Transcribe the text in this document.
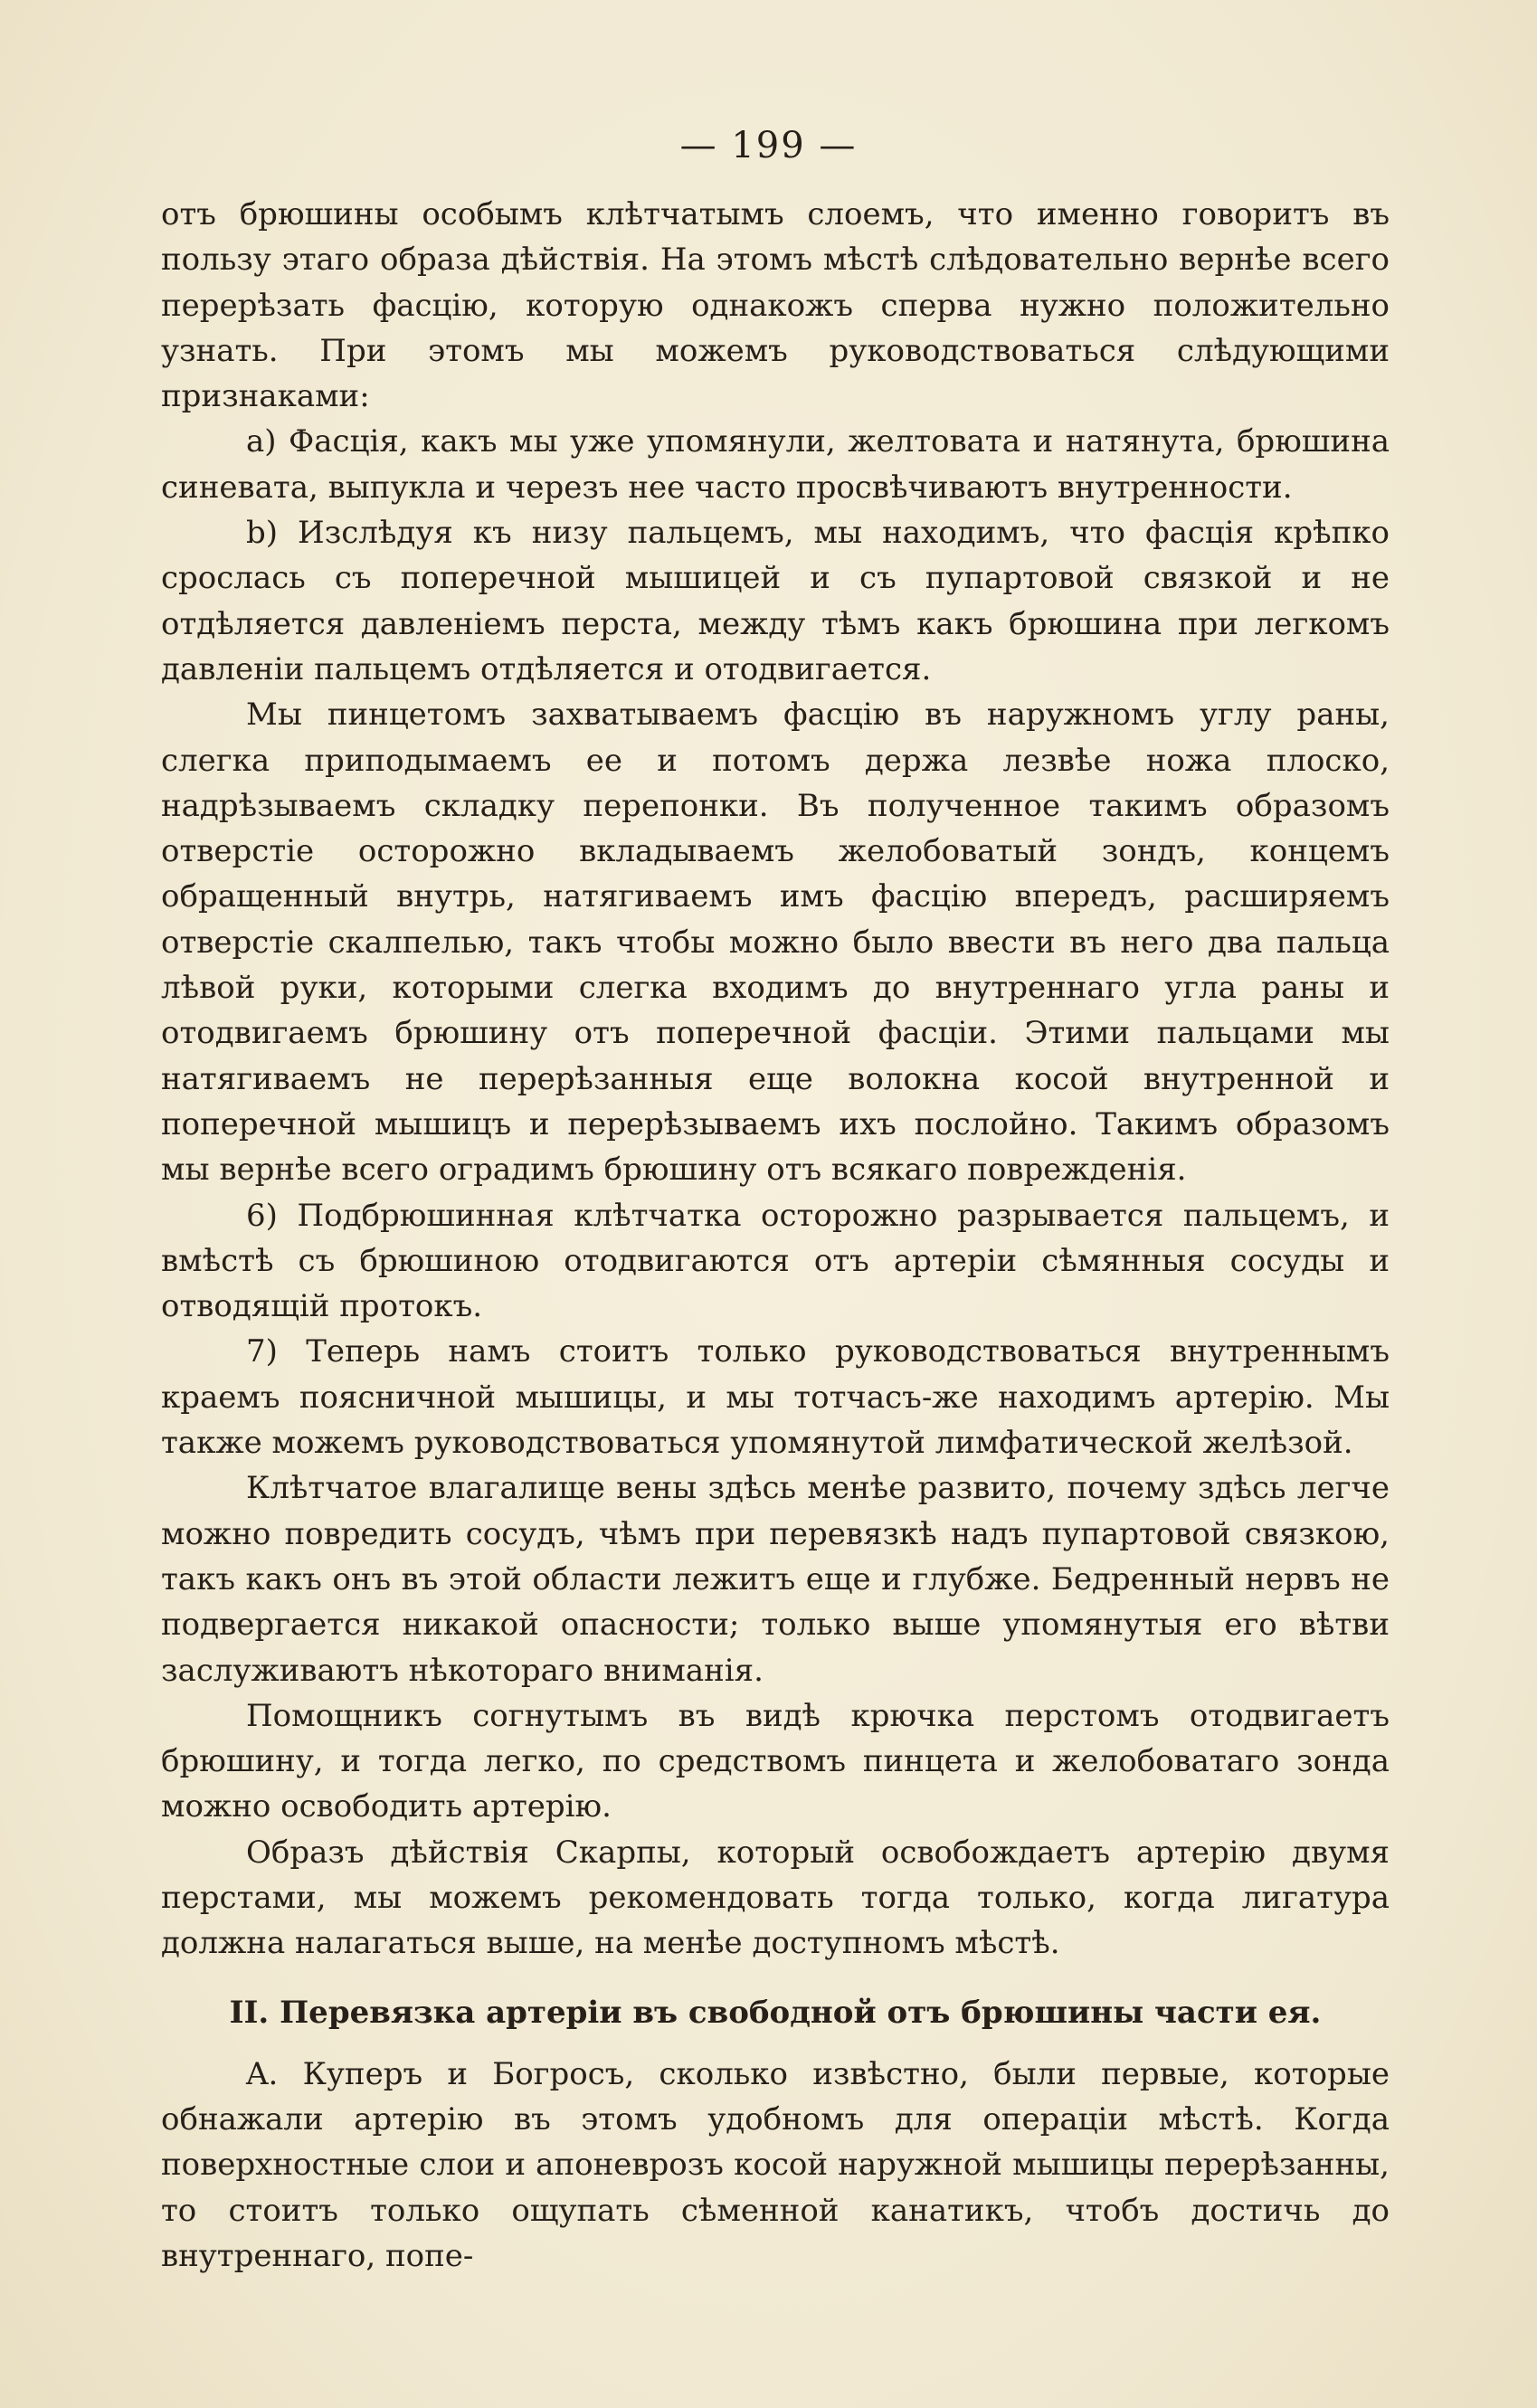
— 199 —

отъ брюшины особымъ клѣтчатымъ слоемъ, что именно говоритъ въ пользу этаго образа дѣйствія. На этомъ мѣстѣ слѣдовательно вернѣе всего перерѣзать фасцію, которую однакожъ сперва нужно положительно узнать. При этомъ мы можемъ руководствоваться слѣдующими признаками:

a) Фасція, какъ мы уже упомянули, желтовата и натянута, брюшина синевата, выпукла и черезъ нее часто просвѣчиваютъ внутренности.

b) Изслѣдуя къ низу пальцемъ, мы находимъ, что фасція крѣпко срослась съ поперечной мышицей и съ пупартовой связкой и не отдѣляется давленіемъ перста, между тѣмъ какъ брюшина при легкомъ давленіи пальцемъ отдѣляется и отодвигается.

Мы пинцетомъ захватываемъ фасцію въ наружномъ углу раны, слегка приподымаемъ ее и потомъ держа лезвѣе ножа плоско, надрѣзываемъ складку перепонки. Въ полученное такимъ образомъ отверстіе осторожно вкладываемъ желобоватый зондъ, концемъ обращенный внутрь, натягиваемъ имъ фасцію впередъ, расширяемъ отверстіе скалпелью, такъ чтобы можно было ввести въ него два пальца лѣвой руки, которыми слегка входимъ до внутреннаго угла раны и отодвигаемъ брюшину отъ поперечной фасціи. Этими пальцами мы натягиваемъ не перерѣзанныя еще волокна косой внутренной и поперечной мышицъ и перерѣзываемъ ихъ послойно. Такимъ образомъ мы вернѣе всего оградимъ брюшину отъ всякаго поврежденія.

6) Подбрюшинная клѣтчатка осторожно разрывается пальцемъ, и вмѣстѣ съ брюшиною отодвигаются отъ артеріи сѣмянныя сосуды и отводящій протокъ.

7) Теперь намъ стоитъ только руководствоваться внутреннымъ краемъ поясничной мышицы, и мы тотчасъ-же находимъ артерію. Мы также можемъ руководствоваться упомянутой лимфатической желѣзой.

Клѣтчатое влагалище вены здѣсь менѣе развито, почему здѣсь легче можно повредить сосудъ, чѣмъ при перевязкѣ надъ пупартовой связкою, такъ какъ онъ въ этой области лежитъ еще и глубже. Бедренный нервъ не подвергается никакой опасности; только выше упомянутыя его вѣтви заслуживаютъ нѣкотораго вниманія.

Помощникъ согнутымъ въ видѣ крючка перстомъ отодвигаетъ брюшину, и тогда легко, по средствомъ пинцета и желобоватаго зонда можно освободить артерію.

Образъ дѣйствія Скарпы, который освобождаетъ артерію двумя перстами, мы можемъ рекомендовать тогда только, когда лигатура должна налагаться выше, на менѣе доступномъ мѣстѣ.

II. Перевязка артеріи въ свободной отъ брюшины части ея.

A. Куперъ и Богросъ, сколько извѣстно, были первые, которые обнажали артерію въ этомъ удобномъ для операціи мѣстѣ. Когда поверхностные слои и апоневрозъ косой наружной мышицы перерѣзанны, то стоитъ только ощупать сѣменной канатикъ, чтобъ достичь до внутреннаго, попе-
